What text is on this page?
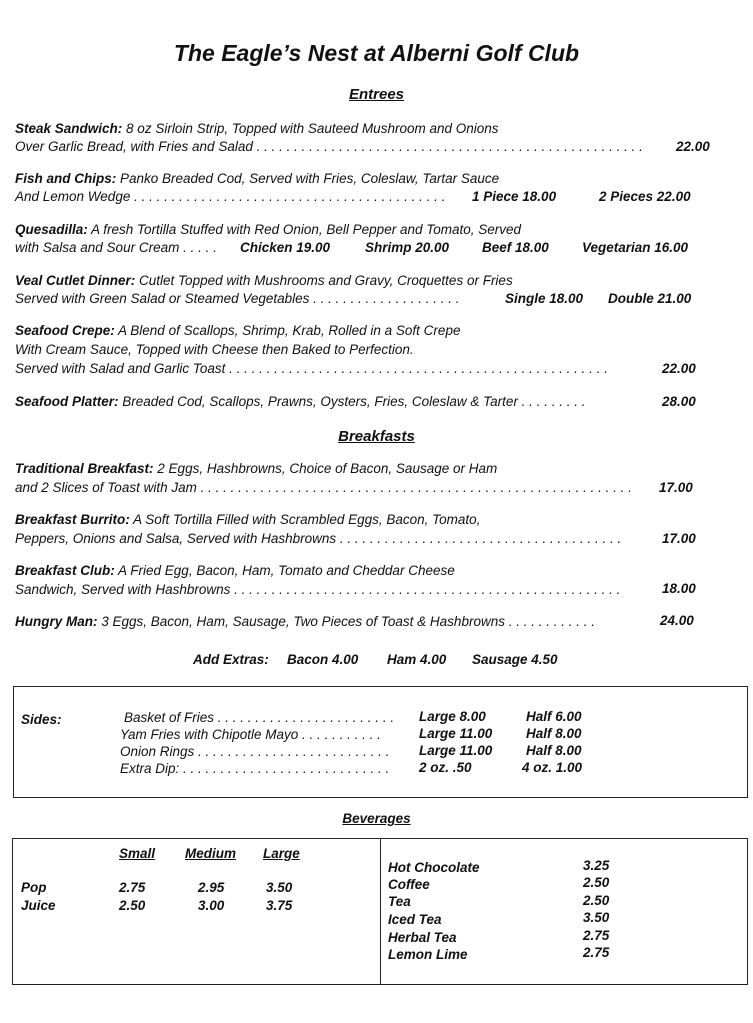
The Eagle’s Nest at Alberni Golf Club
Entrees
Steak Sandwich: 8 oz Sirloin Strip, Topped with Sauteed Mushroom and Onions
Over Garlic Bread, with Fries and Salad . . . . . . . . . . . . . . . . . . . . . . . . . . . . . . . . . . . . . . . . . . . . . . . . . . . . 22.00
Fish and Chips: Panko Breaded Cod, Served with Fries, Coleslaw, Tartar Sauce
And Lemon Wedge . . . . . . . . . . . . . . . . . . . . . . . . . . . . . . . . . . . . . . . . . . 1 Piece 18.00	2 Pieces 22.00
Quesadilla: A fresh Tortilla Stuffed with Red Onion, Bell Pepper and Tomato, Served
with Salsa and Sour Cream . . . . . Chicken 19.00	Shrimp 20.00 Beef 18.00 Vegetarian 16.00
Veal Cutlet Dinner: Cutlet Topped with Mushrooms and Gravy, Croquettes or Fries
Served with Green Salad or Steamed Vegetables . . . . . . . . . . . . . . . . . . . .	Single 18.00 Double 21.00
Seafood Crepe: A Blend of Scallops, Shrimp, Krab, Rolled in a Soft Crepe
With Cream Sauce, Topped with Cheese then Baked to Perfection.
Served with Salad and Garlic Toast . . . . . . . . . . . . . . . . . . . . . . . . . . . . . . . . . . . . . . . . . . . . . . . . . . .	22.00
Seafood Platter: Breaded Cod, Scallops, Prawns, Oysters, Fries, Coleslaw & Tarter . . . . . . . . .	28.00
Breakfasts
Traditional Breakfast: 2 Eggs, Hashbrowns, Choice of Bacon, Sausage or Ham
and 2 Slices of Toast with Jam . . . . . . . . . . . . . . . . . . . . . . . . . . . . . . . . . . . . . . . . . . . . . . . . . . . . . . . . . . 17.00
Breakfast Burrito: A Soft Tortilla Filled with Scrambled Eggs, Bacon, Tomato,
Peppers, Onions and Salsa, Served with Hashbrowns . . . . . . . . . . . . . . . . . . . . . . . . . . . . . . . . . . . . . .	17.00
Breakfast Club: A Fried Egg, Bacon, Ham, Tomato and Cheddar Cheese
Sandwich, Served with Hashbrowns . . . . . . . . . . . . . . . . . . . . . . . . . . . . . . . . . . . . . . . . . . . . . . . . . . . .	18.00
Hungry Man: 3 Eggs, Bacon, Ham, Sausage, Two Pieces of Toast & Hashbrowns . . . . . . . . . . . .	24.00
Add Extras: Bacon 4.00 Ham 4.00 Sausage 4.50
Sides:	Basket of Fries . . . . . . . . . . . . . . . . . . . . . . . . Large 8.00	Half 6.00
Yam Fries with Chipotle Mayo . . . . . . . . . . .	Large 11.00 Half 8.00
Onion Rings . . . . . . . . . . . . . . . . . . . . . . . . . . Large 11.00 Half 8.00
Extra Dip: . . . . . . . . . . . . . . . . . . . . . . . . . . . . 2 oz. .50	4 oz. 1.00
Beverages
Small Medium Large
Pop	2.75	2.95	3.50
Juice	2.50	3.00	3.75
Hot Chocolate	3.25
Coffee	2.50
Tea	2.50
Iced Tea	3.50
Herbal Tea	2.75
Lemon Lime	2.75
